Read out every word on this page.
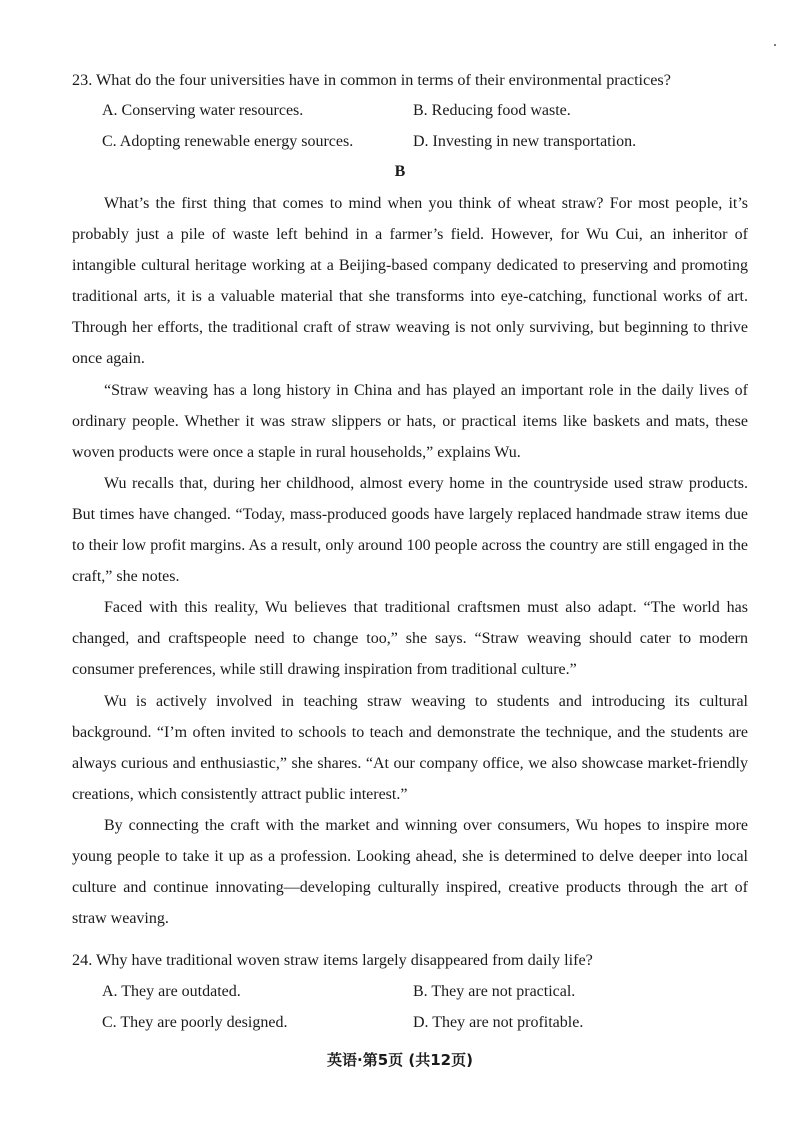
23. What do the four universities have in common in terms of their environmental practices?
A. Conserving water resources.	B. Reducing food waste.
C. Adopting renewable energy sources.	D. Investing in new transportation.
B

What’s the first thing that comes to mind when you think of wheat straw? For most people, it’s probably just a pile of waste left behind in a farmer’s field. However, for Wu Cui, an inheritor of intangible cultural heritage working at a Beijing-based company dedicated to preserving and promoting traditional arts, it is a valuable material that she transforms into eye-catching, functional works of art. Through her efforts, the traditional craft of straw weaving is not only surviving, but beginning to thrive once again.

“Straw weaving has a long history in China and has played an important role in the daily lives of ordinary people. Whether it was straw slippers or hats, or practical items like baskets and mats, these woven products were once a staple in rural households,” explains Wu.

Wu recalls that, during her childhood, almost every home in the countryside used straw products. But times have changed. “Today, mass-produced goods have largely replaced handmade straw items due to their low profit margins. As a result, only around 100 people across the country are still engaged in the craft,” she notes.

Faced with this reality, Wu believes that traditional craftsmen must also adapt. “The world has changed, and craftspeople need to change too,” she says. “Straw weaving should cater to modern consumer preferences, while still drawing inspiration from traditional culture.”

Wu is actively involved in teaching straw weaving to students and introducing its cultural background. “I’m often invited to schools to teach and demonstrate the technique, and the students are always curious and enthusiastic,” she shares. “At our company office, we also showcase market-friendly creations, which consistently attract public interest.”

By connecting the craft with the market and winning over consumers, Wu hopes to inspire more young people to take it up as a profession. Looking ahead, she is determined to delve deeper into local culture and continue innovating—developing culturally inspired, creative products through the art of straw weaving.

24. Why have traditional woven straw items largely disappeared from daily life?
A. They are outdated.	B. They are not practical.
C. They are poorly designed.	D. They are not profitable.
英语·第5页 (共12页)
